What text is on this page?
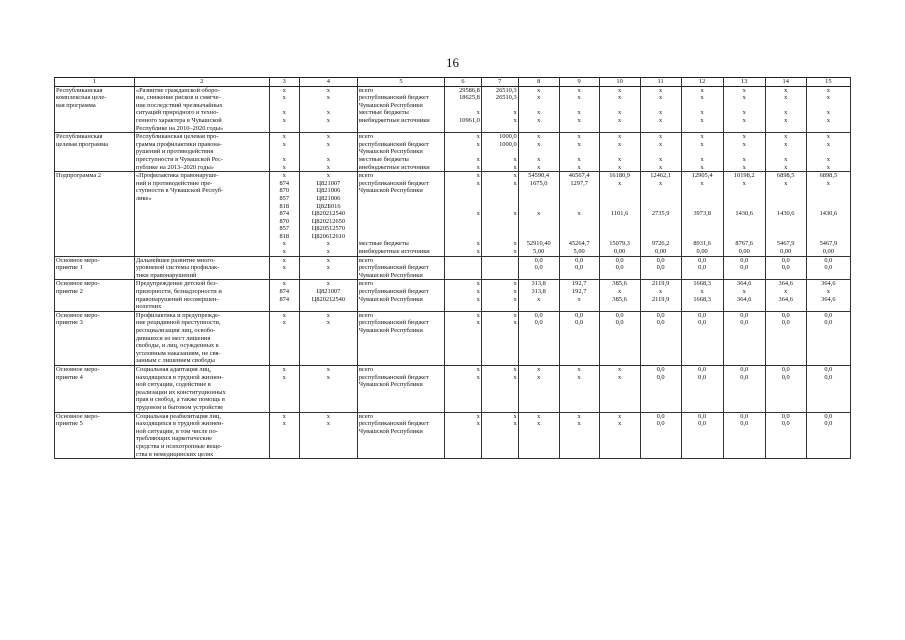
16
1	2	3	4	5	6	7	8	9	10	11	12	13	14	15
Республиканская	«Развитие гражданской оборо-	x	x	всего	29586,8	26510,3	x	x	x	x	x	x	x	x
комплексная целе-	ны, снижение рисков и смягче-	x	x	республиканский бюджет	18625,8	26510,3	x	x	x	x	x	x	x	x
вая программа	ние последствий чрезвычайных			Чувашской Республики										
	ситуаций природного и техно-	x	x	местные бюджеты	x	x	x	x	x	x	x	x	x	x
	генного характера в Чувашской	x	x	внебюджетные источники	10961,0	x	x	x	x	x	x	x	x	x
	Республике на 2010–2020 годы»													
Республиканская	Республиканская целевая про-	x	x	всего	x	1000,0	x	x	x	x	x	x	x	x
целевая программа	грамма профилактики правона-	x	x	республиканский бюджет	x	1000,0	x	x	x	x	x	x	x	x
	рушений и противодействия			Чувашской Республики										
	преступности в Чувашской Рес-	x	x	местные бюджеты	x	x	x	x	x	x	x	x	x	x
	публике на 2013–2020 годы»	x	x	внебюджетные источники	x	x	x	x	x	x	x	x	x	x
Подпрограмма 2	«Профилактика правонаруше-	x	x	всего	x	x	54590,4	46567,4	16180,9	12462,1	12905,4	10198,2	6898,5	6898,5
	ний и противодействие пре-	874	Ц821007	республиканский бюджет	x	x	1675,0	1297,7	x	x	x	x	x	x
	ступности в Чувашской Респуб-	870	Ц821006	Чувашской Республики										
	лике»	857	Ц821006											
		818	Ц82Б016											
		874	Ц820212540		x	x	x	x	1101,6	2735,9	3973,8	1430,6	1430,6	1430,6
		870	Ц820212650											
		857	Ц820512570											
		818	Ц820612610											
		x	x	местные бюджеты	x	x	52910,40	45264,7	15079,3	9726,2	8931,6	8767,6	5467,9	5467,9
		x	x	внебюджетные источники	x	x	5,00	5,00	0,00	0,00	0,00	0,00	0,00	0,00
Основное меро-	Дальнейшее развитие много-	x	x	всего			0,0	0,0	0,0	0,0	0,0	0,0	0,0	0,0
приятие 1	уровневой системы профилак-	x	x	республиканский бюджет			0,0	0,0	0,0	0,0	0,0	0,0	0,0	0,0
	тики правонарушений			Чувашской Республики										
Основное меро-	Предупреждение детской без-	x	x	всего	x	x	313,8	192,7	385,6	2119,9	1668,3	364,6	364,6	364,6
приятие 2	призорности, безнадзорности и	874	Ц821007	республиканский бюджет	x	x	313,8	192,7	x	x	x	x	x	x
	правонарушений несовершен-	874	Ц820212540	Чувашской Республики	x	x	x	x	385,6	2119,9	1668,3	364,6	364,6	364,6
	нолетних													
Основное меро-	Профилактика и предупрежде-	x	x	всего	x	x	0,0	0,0	0,0	0,0	0,0	0,0	0,0	0,0
приятие 3	ние рецидивной преступности,	x	x	республиканский бюджет	x	x	0,0	0,0	0,0	0,0	0,0	0,0	0,0	0,0
	ресоциализация лиц, освобо-			Чувашской Республики										
	дившихся из мест лишения													
	свободы, и лиц, осужденных к													
	уголовным наказаниям, не свя-													
	занным с лишением свободы													
Основное меро-	Социальная адаптация лиц,	x	x	всего	x	x	x	x	x	0,0	0,0	0,0	0,0	0,0
приятие 4	находящихся в трудной жизнен-	x	x	республиканский бюджет	x	x	x	x	x	0,0	0,0	0,0	0,0	0,0
	ной ситуации, содействие в			Чувашской Республики										
	реализации их конституционных													
	прав и свобод, а также помощь в													
	трудовом и бытовом устройстве													
Основное меро-	Социальная реабилитация лиц,	x	x	всего	x	x	x	x	x	0,0	0,0	0,0	0,0	0,0
приятие 5	находящихся в трудной жизнен-	x	x	республиканский бюджет	x	x	x	x	x	0,0	0,0	0,0	0,0	0,0
	ной ситуации, в том числе по-			Чувашской Республики										
	требляющих наркотические													
	средства и психотропные веще-													
	ства в немедицинских целях													
